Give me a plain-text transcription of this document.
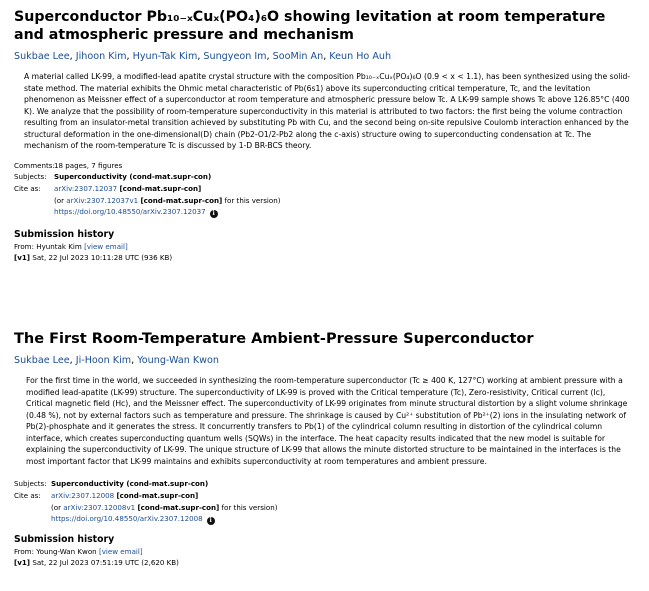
Superconductor Pb₁₀₋ₓCuₓ(PO₄)₆O showing levitation at room temperature and atmospheric pressure and mechanism
Sukbae Lee, Jihoon Kim, Hyun-Tak Kim, Sungyeon Im, SooMin An, Keun Ho Auh

A material called LK-99, a modified-lead apatite crystal structure with the composition Pb₁₀₋ₓCuₓ(PO₄)₆O (0.9 < x < 1.1), has been synthesized using the solid-state method. The material exhibits the Ohmic metal characteristic of Pb(6s1) above its superconducting critical temperature, Tc, and the levitation phenomenon as Meissner effect of a superconductor at room temperature and atmospheric pressure below Tc. A LK-99 sample shows Tc above 126.85°C (400 K). We analyze that the possibility of room-temperature superconductivity in this material is attributed to two factors: the first being the volume contraction resulting from an insulator-metal transition achieved by substituting Pb with Cu, and the second being on-site repulsive Coulomb interaction enhanced by the structural deformation in the one-dimensional(D) chain (Pb2-O1/2-Pb2 along the c-axis) structure owing to superconducting condensation at Tc. The mechanism of the room-temperature Tc is discussed by 1-D BR-BCS theory.

Comments: 18 pages, 7 figures
Subjects:	Superconductivity (cond-mat.supr-con)
Cite as:	arXiv:2307.12037 [cond-mat.supr-con]
(or arXiv:2307.12037v1 [cond-mat.supr-con] for this version)
https://doi.org/10.48550/arXiv.2307.12037 i
Submission history
From: Hyuntak Kim [view email]
[v1] Sat, 22 Jul 2023 10:11:28 UTC (936 KB)
The First Room-Temperature Ambient-Pressure Superconductor
Sukbae Lee, Ji-Hoon Kim, Young-Wan Kwon

For the first time in the world, we succeeded in synthesizing the room-temperature superconductor (Tc ≥ 400 K, 127°C) working at ambient pressure with a modified lead-apatite (LK-99) structure. The superconductivity of LK-99 is proved with the Critical temperature (Tc), Zero-resistivity, Critical current (Ic), Critical magnetic field (Hc), and the Meissner effect. The superconductivity of LK-99 originates from minute structural distortion by a slight volume shrinkage (0.48 %), not by external factors such as temperature and pressure. The shrinkage is caused by Cu²⁺ substitution of Pb²⁺(2) ions in the insulating network of Pb(2)-phosphate and it generates the stress. It concurrently transfers to Pb(1) of the cylindrical column resulting in distortion of the cylindrical column interface, which creates superconducting quantum wells (SQWs) in the interface. The heat capacity results indicated that the new model is suitable for explaining the superconductivity of LK-99. The unique structure of LK-99 that allows the minute distorted structure to be maintained in the interfaces is the most important factor that LK-99 maintains and exhibits superconductivity at room temperatures and ambient pressure.

Subjects: Superconductivity (cond-mat.supr-con)
Cite as:	arXiv:2307.12008 [cond-mat.supr-con]
(or arXiv:2307.12008v1 [cond-mat.supr-con] for this version)
https://doi.org/10.48550/arXiv.2307.12008 i
Submission history
From: Young-Wan Kwon [view email]
[v1] Sat, 22 Jul 2023 07:51:19 UTC (2,620 KB)
